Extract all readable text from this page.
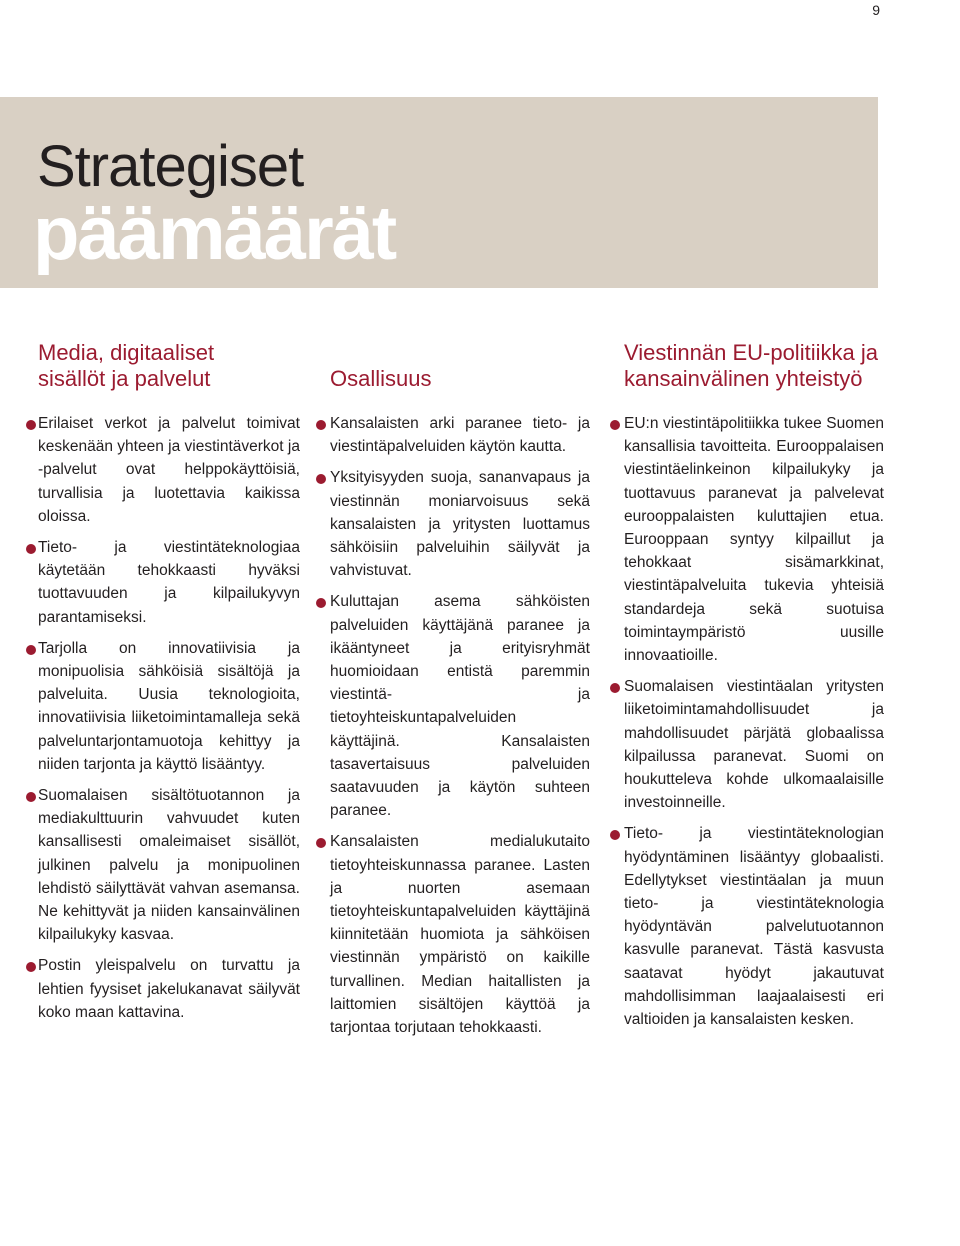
9
Strategiset
päämäärät
Media, digitaaliset
sisällöt ja palvelut
Erilaiset verkot ja palvelut toimivat keskenään yhteen ja viestintäverkot ja -palvelut ovat helppokäyttöisiä, turvallisia ja luotettavia kaikissa oloissa.
Tieto- ja viestintäteknologiaa käytetään tehokkaasti hyväksi tuottavuuden ja kilpailukyvyn parantamiseksi.
Tarjolla on innovatiivisia ja monipuolisia sähköisiä sisältöjä ja palveluita. Uusia teknologioita, innovatiivisia liiketoimintamalleja sekä palveluntarjontamuotoja kehittyy ja niiden tarjonta ja käyttö lisääntyy.
Suomalaisen sisältötuotannon ja mediakulttuurin vahvuudet kuten kansallisesti omaleimaiset sisällöt, julkinen palvelu ja monipuolinen lehdistö säilyttävät vahvan asemansa. Ne kehittyvät ja niiden kansainvälinen kilpailukyky kasvaa.
Postin yleispalvelu on turvattu ja lehtien fyysiset jakelukanavat säilyvät koko maan kattavina.
Osallisuus
Kansalaisten arki paranee tieto- ja viestintäpalveluiden käytön kautta.
Yksityisyyden suoja, sananvapaus ja viestinnän moniarvoisuus sekä kansalaisten ja yritysten luottamus sähköisiin palveluihin säilyvät ja vahvistuvat.
Kuluttajan asema sähköisten palveluiden käyttäjänä paranee ja ikääntyneet ja erityisryhmät huomioidaan entistä paremmin viestintä- ja tietoyhteiskuntapalveluiden käyttäjinä. Kansalaisten tasavertaisuus palveluiden saatavuuden ja käytön suhteen paranee.
Kansalaisten medialukutaito tietoyhteiskunnassa paranee. Lasten ja nuorten asemaan tietoyhteiskuntapalveluiden käyttäjinä kiinnitetään huomiota ja sähköisen viestinnän ympäristö on kaikille turvallinen. Median haitallisten ja laittomien sisältöjen käyttöä ja tarjontaa torjutaan tehokkaasti.
Viestinnän EU-politiikka ja
kansainvälinen yhteistyö
EU:n viestintäpolitiikka tukee Suomen kansallisia tavoitteita. Eurooppalaisen viestintäelinkeinon kilpailukyky ja tuottavuus paranevat ja palvelevat eurooppalaisten kuluttajien etua. Eurooppaan syntyy kilpaillut ja tehokkaat sisämarkkinat, viestintäpalveluita tukevia yhteisiä standardeja sekä suotuisa toimintaympäristö uusille innovaatioille.
Suomalaisen viestintäalan yritysten liiketoimintamahdollisuudet ja mahdollisuudet pärjätä globaalissa kilpailussa paranevat. Suomi on houkutteleva kohde ulkomaalaisille investoinneille.
Tieto- ja viestintäteknologian hyödyntäminen lisääntyy globaalisti. Edellytykset viestintäalan ja muun tieto- ja viestintäteknologia hyödyntävän palvelutuotannon kasvulle paranevat. Tästä kasvusta saatavat hyödyt jakautuvat mahdollisimman laajaalaisesti eri valtioiden ja kansalaisten kesken.
